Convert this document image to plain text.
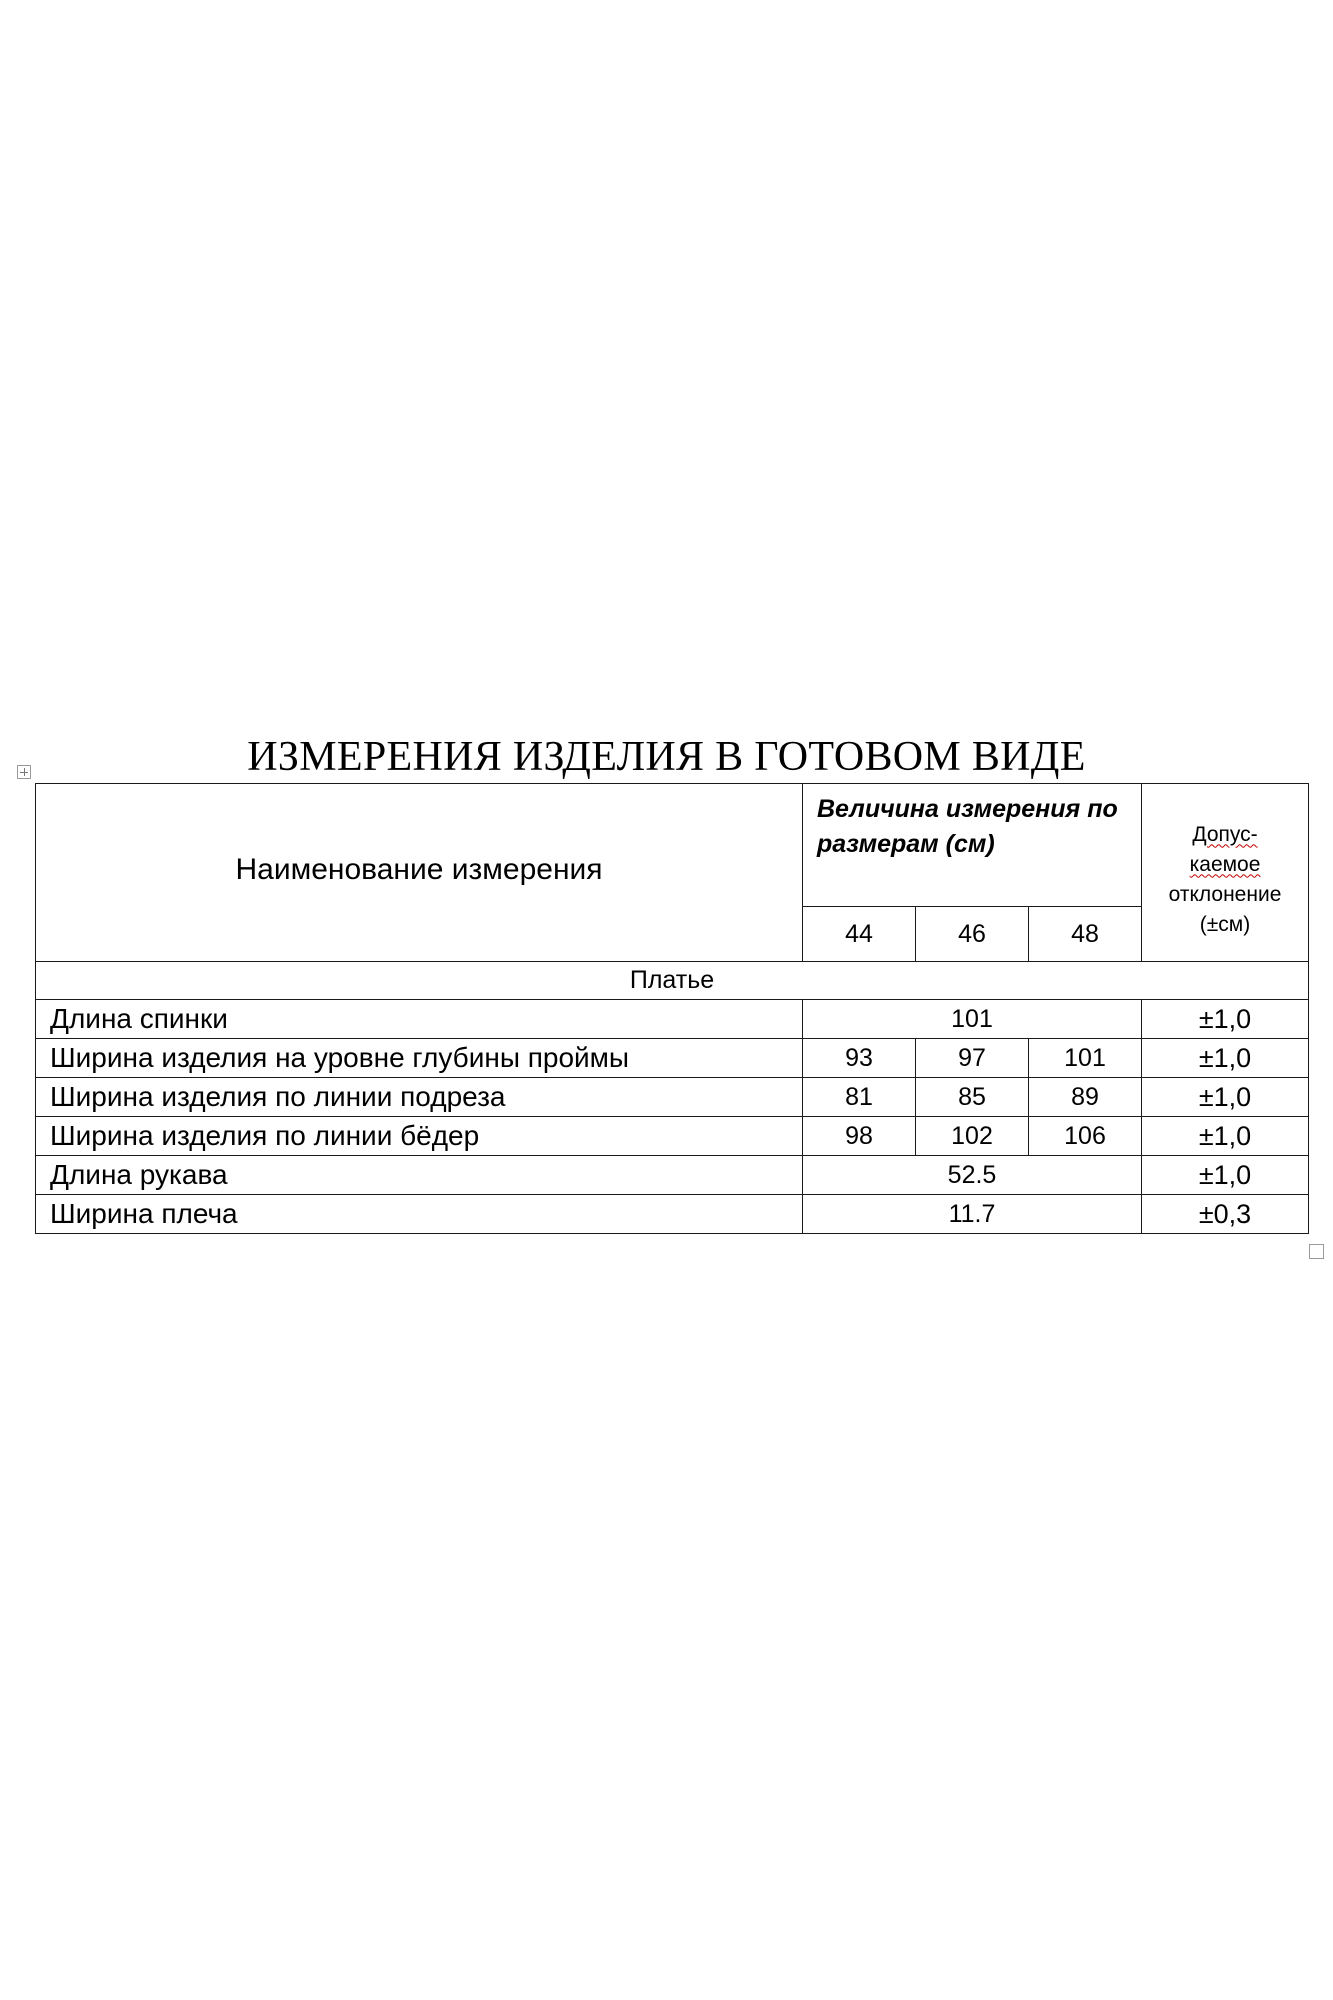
ИЗМЕРЕНИЯ ИЗДЕЛИЯ В ГОТОВОМ ВИДЕ
Наименование измерения	Величина измерения по размерам (см)			Допус-
каемое
отклонение
(±см)
	44	46	48	
Платье				
Длина спинки	101			±1,0
Ширина изделия на уровне глубины проймы	93	97	101	±1,0
Ширина изделия по линии подреза	81	85	89	±1,0
Ширина изделия по линии бёдер	98	102	106	±1,0
Длина рукава	52.5			±1,0
Ширина плеча	11.7			±0,3
